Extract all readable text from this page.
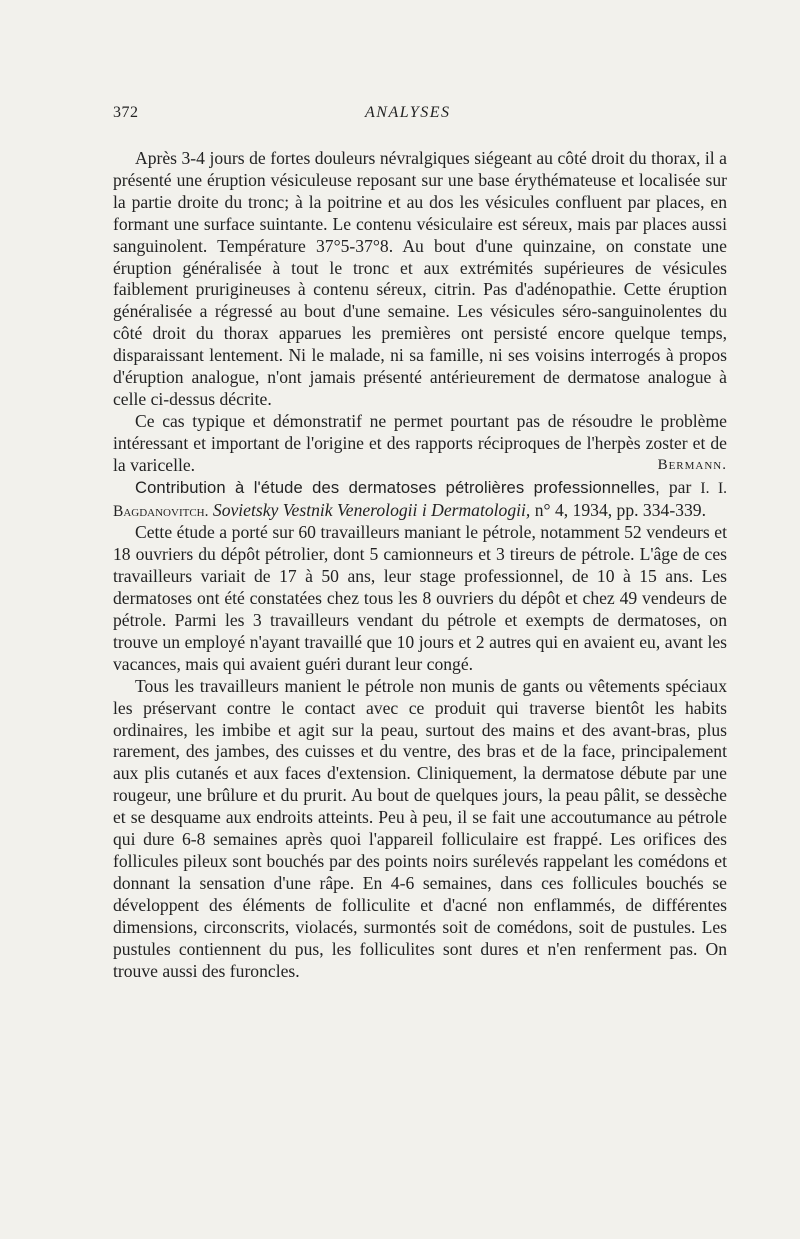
372	ANALYSES

Après 3-4 jours de fortes douleurs névralgiques siégeant au côté droit du thorax, il a présenté une éruption vésiculeuse reposant sur une base érythémateuse et localisée sur la partie droite du tronc; à la poitrine et au dos les vésicules confluent par places, en formant une surface suintante. Le contenu vésiculaire est séreux, mais par places aussi sanguinolent. Température 37°5-37°8. Au bout d'une quinzaine, on constate une éruption généralisée à tout le tronc et aux extrémités supérieures de vésicules faiblement prurigineuses à contenu séreux, citrin. Pas d'adénopathie. Cette éruption généralisée a régressé au bout d'une semaine. Les vésicules séro-sanguinolentes du côté droit du thorax apparues les premières ont persisté encore quelque temps, disparaissant lentement. Ni le malade, ni sa famille, ni ses voisins interrogés à propos d'éruption analogue, n'ont jamais présenté antérieurement de dermatose analogue à celle ci-dessus décrite.

Ce cas typique et démonstratif ne permet pourtant pas de résoudre le problème intéressant et important de l'origine et des rapports réciproques de l'herpès zoster et de la varicelle.	Bermann.

Contribution à l'étude des dermatoses pétrolières professionnelles, par I. I. Bagdanovitch. Sovietsky Vestnik Venerologii i Dermatologii, n° 4, 1934, pp. 334-339.

Cette étude a porté sur 60 travailleurs maniant le pétrole, notamment 52 vendeurs et 18 ouvriers du dépôt pétrolier, dont 5 camionneurs et 3 tireurs de pétrole. L'âge de ces travailleurs variait de 17 à 50 ans, leur stage professionnel, de 10 à 15 ans. Les dermatoses ont été constatées chez tous les 8 ouvriers du dépôt et chez 49 vendeurs de pétrole. Parmi les 3 travailleurs vendant du pétrole et exempts de dermatoses, on trouve un employé n'ayant travaillé que 10 jours et 2 autres qui en avaient eu, avant les vacances, mais qui avaient guéri durant leur congé.

Tous les travailleurs manient le pétrole non munis de gants ou vêtements spéciaux les préservant contre le contact avec ce produit qui traverse bientôt les habits ordinaires, les imbibe et agit sur la peau, surtout des mains et des avant-bras, plus rarement, des jambes, des cuisses et du ventre, des bras et de la face, principalement aux plis cutanés et aux faces d'extension. Cliniquement, la dermatose débute par une rougeur, une brûlure et du prurit. Au bout de quelques jours, la peau pâlit, se dessèche et se desquame aux endroits atteints. Peu à peu, il se fait une accoutumance au pétrole qui dure 6-8 semaines après quoi l'appareil folliculaire est frappé. Les orifices des follicules pileux sont bouchés par des points noirs surélevés rappelant les comédons et donnant la sensation d'une râpe. En 4-6 semaines, dans ces follicules bouchés se développent des éléments de folliculite et d'acné non enflammés, de différentes dimensions, circonscrits, violacés, surmontés soit de comédons, soit de pustules. Les pustules contiennent du pus, les folliculites sont dures et n'en renferment pas. On trouve aussi des furoncles.
